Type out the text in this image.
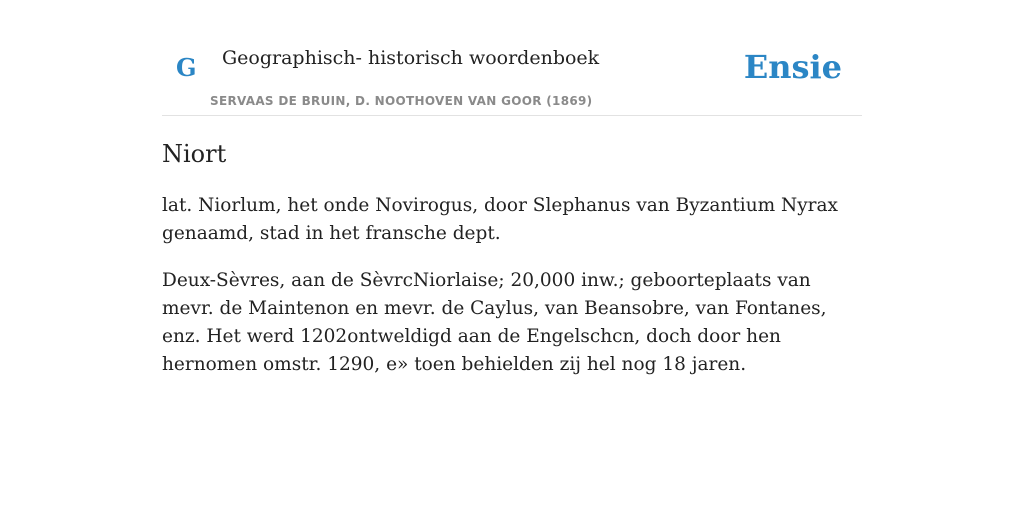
G Geographisch- historisch woordenboek
SERVAAS DE BRUIN, D. NOOTHOVEN VAN GOOR (1869)
Ensie
Niort

lat. Niorlum, het onde Novirogus, door Slephanus van Byzantium Nyrax genaamd, stad in het fransche dept.

Deux-Sèvres, aan de SèvrcNiorlaise; 20,000 inw.; geboorteplaats van mevr. de Maintenon en mevr. de Caylus, van Beansobre, van Fontanes, enz. Het werd 1202ontweldigd aan de Engelschcn, doch door hen hernomen omstr. 1290, e» toen behielden zij hel nog 18 jaren.
